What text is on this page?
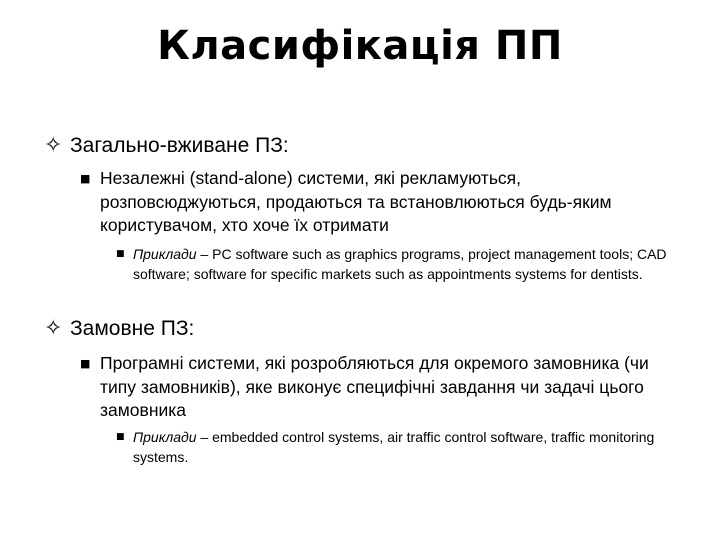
Класифікація ПП
✧ Загально-вживане ПЗ:
■ Незалежні (stand-alone) системи, які рекламуються, розповсюджуються, продаються та встановлюються будь-яким користувачом, хто хоче їх отримати
■ Приклади – PC software such as graphics programs, project management tools; CAD software; software for specific markets such as appointments systems for dentists.
✧ Замовне ПЗ:
■ Програмні системи, які розробляються для окремого замовника (чи типу замовників), яке виконує специфічні завдання чи задачі цього замовника
■ Приклади – embedded control systems, air traffic control software, traffic monitoring systems.
